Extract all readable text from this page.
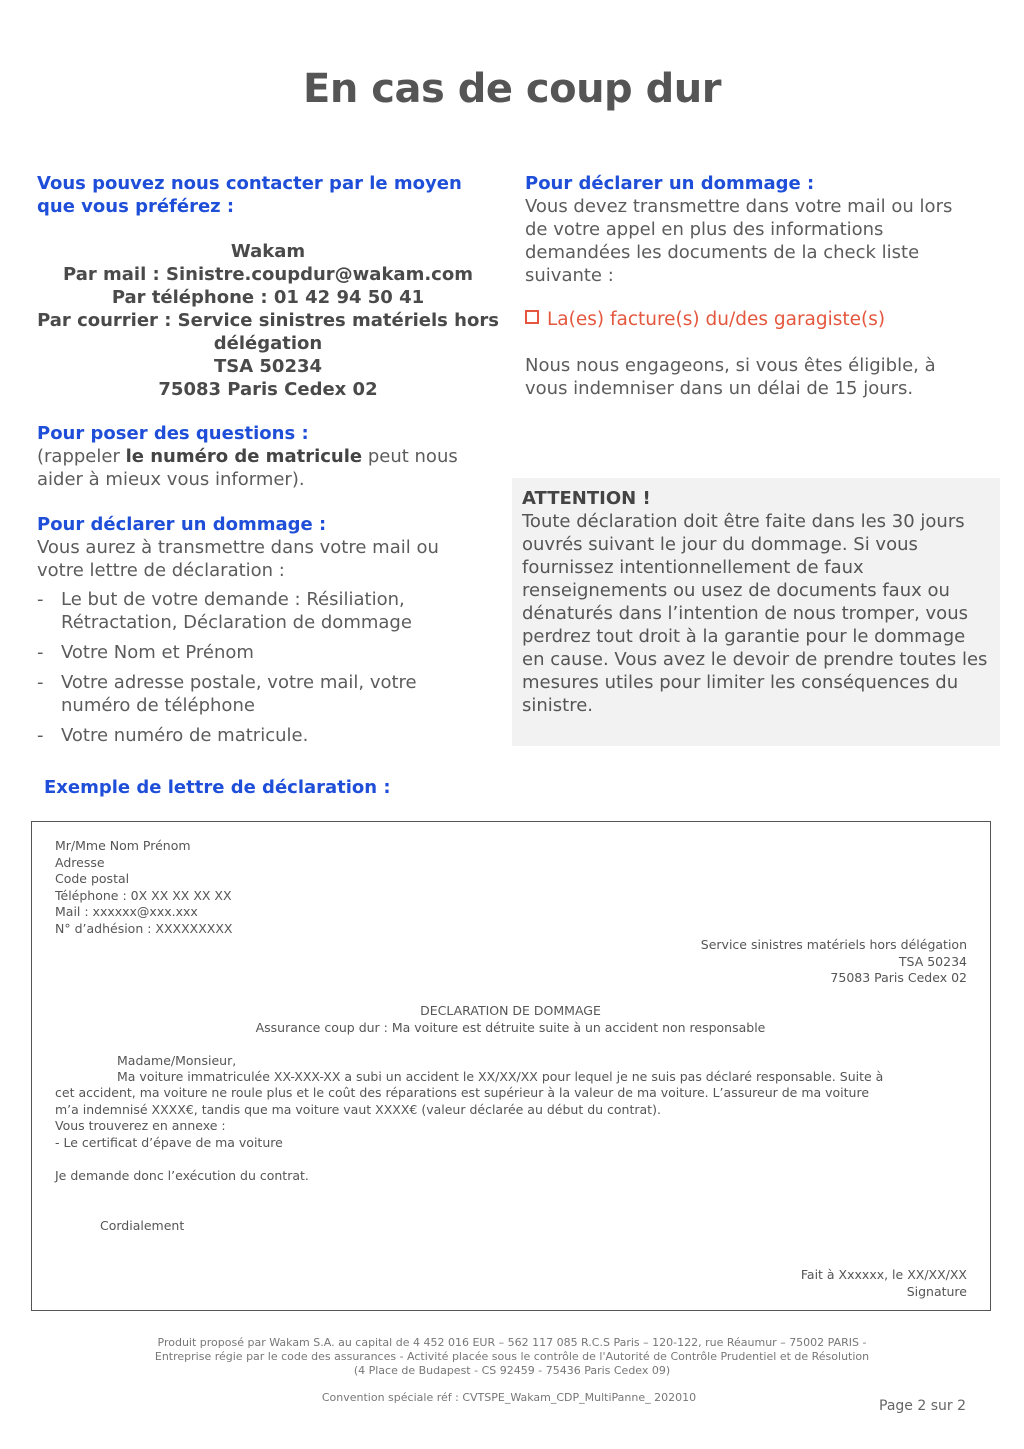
En cas de coup dur
Vous pouvez nous contacter par le moyen que vous préférez :
Wakam
Par mail : Sinistre.coupdur@wakam.com
Par téléphone : 01 42 94 50 41
Par courrier : Service sinistres matériels hors délégation
TSA 50234
75083 Paris Cedex 02
Pour poser des questions :
(rappeler le numéro de matricule peut nous aider à mieux vous informer).
Pour déclarer un dommage :
Vous aurez à transmettre dans votre mail ou votre lettre de déclaration :
- Le but de votre demande : Résiliation, Rétractation, Déclaration de dommage
- Votre Nom et Prénom
- Votre adresse postale, votre mail, votre numéro de téléphone
- Votre numéro de matricule.
Exemple de lettre de déclaration :
Pour déclarer un dommage :
Vous devez transmettre dans votre mail ou lors de votre appel en plus des informations demandées les documents de la check liste suivante :
La(es) facture(s) du/des garagiste(s)
Nous nous engageons, si vous êtes éligible, à vous indemniser dans un délai de 15 jours.
ATTENTION !
Toute déclaration doit être faite dans les 30 jours ouvrés suivant le jour du dommage. Si vous fournissez intentionnellement de faux renseignements ou usez de documents faux ou dénaturés dans l’intention de nous tromper, vous perdrez tout droit à la garantie pour le dommage en cause. Vous avez le devoir de prendre toutes les mesures utiles pour limiter les conséquences du sinistre.
Mr/Mme Nom Prénom
Adresse
Code postal
Téléphone : 0X XX XX XX XX
Mail : xxxxxx@xxx.xxx
N° d’adhésion : XXXXXXXXX
Service sinistres matériels hors délégation
TSA 50234
75083 Paris Cedex 02
DECLARATION DE DOMMAGE
Assurance coup dur : Ma voiture est détruite suite à un accident non responsable
Madame/Monsieur,
Ma voiture immatriculée XX-XXX-XX a subi un accident le XX/XX/XX pour lequel je ne suis pas déclaré responsable. Suite à
cet accident, ma voiture ne roule plus et le coût des réparations est supérieur à la valeur de ma voiture. L’assureur de ma voiture
m’a indemnisé XXXX€, tandis que ma voiture vaut XXXX€ (valeur déclarée au début du contrat).
Vous trouverez en annexe :
- Le certificat d’épave de ma voiture
Je demande donc l’exécution du contrat.
Cordialement
Fait à Xxxxxx, le XX/XX/XX
Signature
Produit proposé par Wakam S.A. au capital de 4 452 016 EUR – 562 117 085 R.C.S Paris – 120-122, rue Réaumur – 75002 PARIS -
Entreprise régie par le code des assurances - Activité placée sous le contrôle de l'Autorité de Contrôle Prudentiel et de Résolution
(4 Place de Budapest - CS 92459 - 75436 Paris Cedex 09)
Convention spéciale réf : CVTSPE_Wakam_CDP_MultiPanne_ 202010
Page 2 sur 2
